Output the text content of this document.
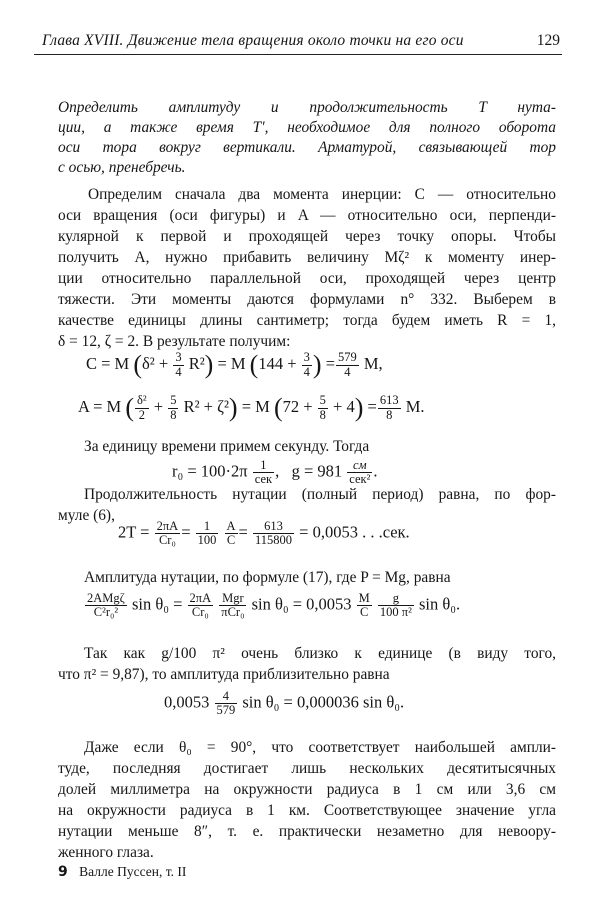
Глава XVIII. Движение тела вращения около точки на его оси	129
Определить амплитуду и продолжительность T нута-
ции, а также время T′, необходимое для полного оборота
оси тора вокруг вертикали. Арматурой, связывающей тор
с осью, пренебречь.
Определим сначала два момента инерции: C — относительно
оси вращения (оси фигуры) и A — относительно оси, перпенди-
кулярной к первой и проходящей через точку опоры. Чтобы
получить A, нужно прибавить величину Mζ² к моменту инер-
ции относительно параллельной оси, проходящей через центр
тяжести. Эти моменты даются формулами n° 332. Выберем в
качестве единицы длины сантиметр; тогда будем иметь R = 1,
δ = 12, ζ = 2. В результате получим:
C = M $(\delta^2 + \frac{3}{4} R^2) = M$ ($144 + \frac{3}{4}$ ) = $\frac{579}{4} M$,
A = M ( $\frac{\text{δ²}}{2} + \frac{5}{8} R^2 + \zeta^2) = M$ $(72 + \frac{5}{8} + 4) = \frac{613}{8} M$.
За единицу времени примем секунду. Тогда
$r_0 = 100\cdot 2\pi \frac{1}{\text{сек}}$ ,   $g = 981 \frac{см}{\text{сек²}}$ .
Продолжительность нутации (полный период) равна, по фор-
муле (6),
$2T = \frac{2\pi A}{\text{Cr₀}} = \frac{1}{100}$
$\frac{A}{C} = \frac{613}{115800} = 0,0053$ . . .сек.
Амплитуда нутации, по формуле (17), где P = Mg, равна
$\frac{\text{2AMgζ}}{\text{C²r₀²}}$ $\sin \theta_0 = \frac{2\pi A}{\text{Cr₀}}$
$\frac{\text{Mgr}}{\text{πCr₀}}$ $\sin \theta_0 = 0,0053 \frac{M}{C}$
$\frac{g}{\text{100 π²}}$ sin θ₀.
Так как g/100 π² очень близко к единице (в виду того,
что π² = 9,87), то амплитуда приблизительно равна
$0,0053 \frac{4}{579}$ sin θ₀ = 0,000036 sin θ₀.
Даже если θ₀ = 90°, что соответствует наибольшей ампли-
туде, последняя достигает лишь нескольких десятитысячных
долей миллиметра на окружности радиуса в 1 см или 3,6 см
на окружности радиуса в 1 км. Соответствующее значение угла
нутации меньше 8″, т. е. практически незаметно для невоору-
женного глаза.
9 Валле Пуссен, т. II
